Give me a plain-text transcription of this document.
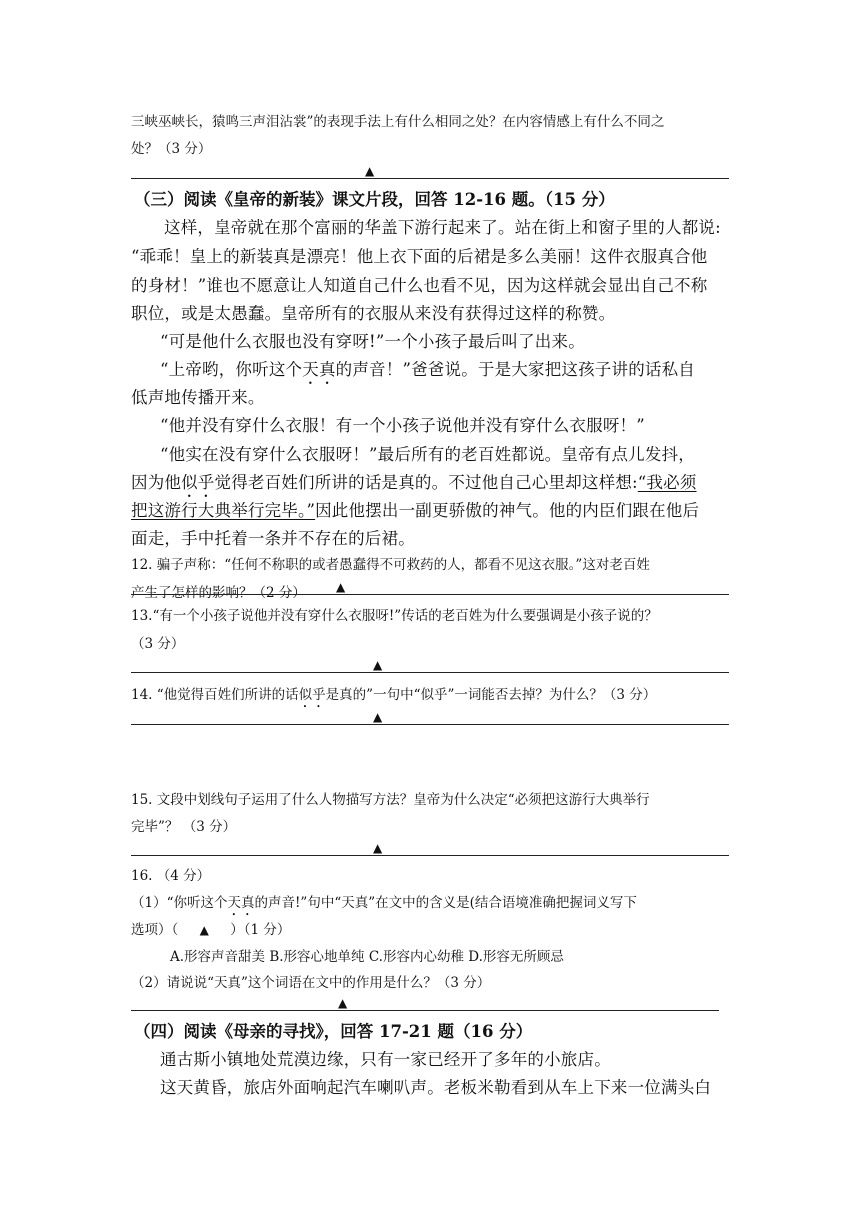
三峡巫峡长，猿鸣三声泪沾裳”的表现手法上有什么相同之处？在内容情感上有什么不同之
处？（3 分）
▲
（三）阅读《皇帝的新装》课文片段，回答 12-16 题。（15 分）
这样，皇帝就在那个富丽的华盖下游行起来了。站在街上和窗子里的人都说:
“乖乖！皇上的新装真是漂亮！他上衣下面的后裙是多么美丽！这件衣服真合他
的身材！”谁也不愿意让人知道自己什么也看不见，因为这样就会显出自己不称
职位，或是太愚蠢。皇帝所有的衣服从来没有获得过这样的称赞。
“可是他什么衣服也没有穿呀!”一个小孩子最后叫了出来。
“上帝哟，你听这个天真的声音！”爸爸说。于是大家把这孩子讲的话私自
低声地传播开来。
“他并没有穿什么衣服！有一个小孩子说他并没有穿什么衣服呀！”
“他实在没有穿什么衣服呀！”最后所有的老百姓都说。皇帝有点儿发抖，
因为他似乎觉得老百姓们所讲的话是真的。不过他自己心里却这样想:“我必须
把这游行大典举行完毕。”因此他摆出一副更骄傲的神气。他的内臣们跟在他后
面走，手中托着一条并不存在的后裙。
12. 骗子声称：“任何不称职的或者愚蠢得不可救药的人，都看不见这衣服。”这对老百姓
产生了怎样的影响？（2 分）	▲
13.“有一个小孩子说他并没有穿什么衣服呀!”传话的老百姓为什么要强调是小孩子说的？
（3 分）
▲
14. “他觉得百姓们所讲的话似乎是真的”一句中“似乎”一词能否去掉？为什么？（3 分）
▲
15. 文段中划线句子运用了什么人物描写方法？皇帝为什么决定“必须把这游行大典举行
完毕”？ （3 分）
▲
16. （4 分）
（1）“你听这个天真的声音!”句中“天真”在文中的含义是(结合语境准确把握词义写下
选项）（ ▲ ）（1 分）
A.形容声音甜美 B.形容心地单纯 C.形容内心幼稚 D.形容无所顾忌
（2）请说说“天真”这个词语在文中的作用是什么？（3 分）
▲
（四）阅读《母亲的寻找》，回答 17-21 题（16 分）
通古斯小镇地处荒漠边缘，只有一家已经开了多年的小旅店。
这天黄昏，旅店外面响起汽车喇叭声。老板米勒看到从车上下来一位满头白
